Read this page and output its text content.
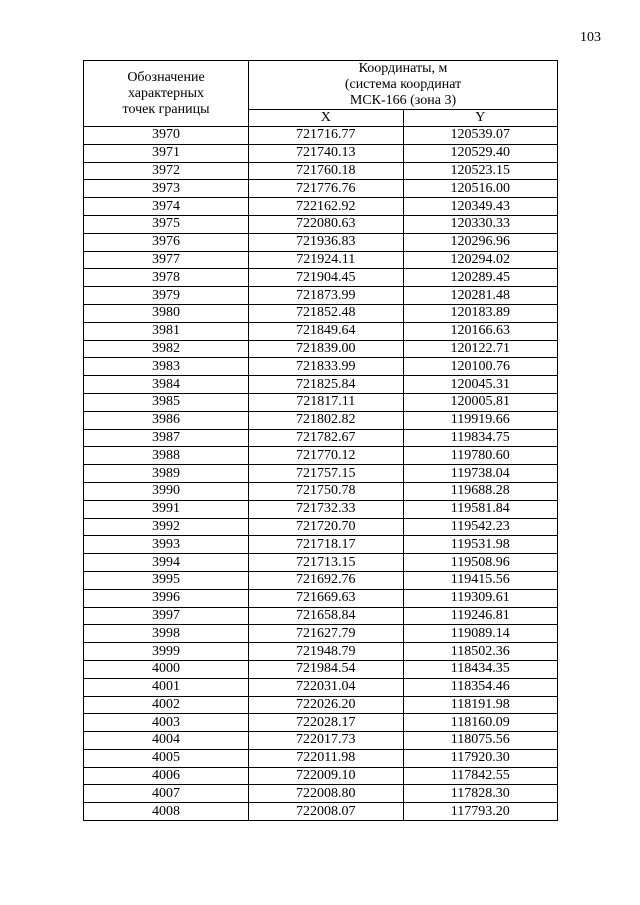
103
Обозначение
характерных
точек границы	Координаты, м
(система координат
МСК-166 (зона 3)	
	X	Y
3970	721716.77	120539.07
3971	721740.13	120529.40
3972	721760.18	120523.15
3973	721776.76	120516.00
3974	722162.92	120349.43
3975	722080.63	120330.33
3976	721936.83	120296.96
3977	721924.11	120294.02
3978	721904.45	120289.45
3979	721873.99	120281.48
3980	721852.48	120183.89
3981	721849.64	120166.63
3982	721839.00	120122.71
3983	721833.99	120100.76
3984	721825.84	120045.31
3985	721817.11	120005.81
3986	721802.82	119919.66
3987	721782.67	119834.75
3988	721770.12	119780.60
3989	721757.15	119738.04
3990	721750.78	119688.28
3991	721732.33	119581.84
3992	721720.70	119542.23
3993	721718.17	119531.98
3994	721713.15	119508.96
3995	721692.76	119415.56
3996	721669.63	119309.61
3997	721658.84	119246.81
3998	721627.79	119089.14
3999	721948.79	118502.36
4000	721984.54	118434.35
4001	722031.04	118354.46
4002	722026.20	118191.98
4003	722028.17	118160.09
4004	722017.73	118075.56
4005	722011.98	117920.30
4006	722009.10	117842.55
4007	722008.80	117828.30
4008	722008.07	117793.20
